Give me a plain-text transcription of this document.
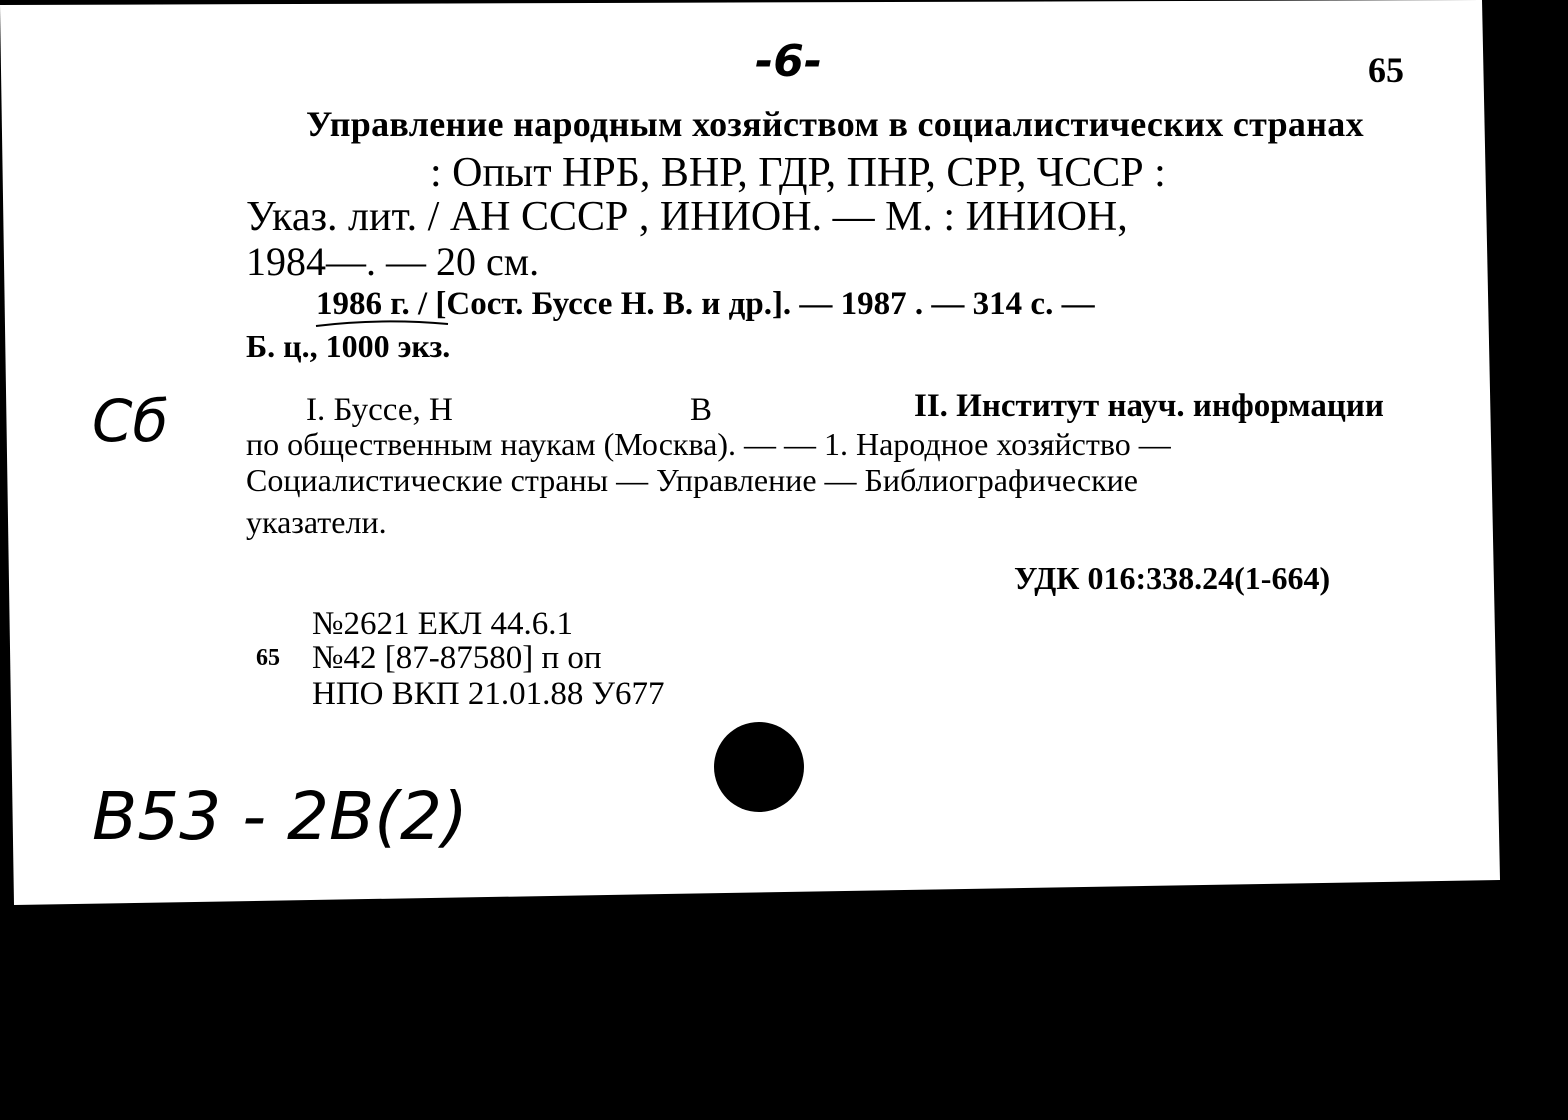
-6-	65
Управление народным хозяйством в социалистических странах
: Опыт НРБ, ВНР, ГДР, ПНР, СРР, ЧССР :
Указ. лит. / АН СССР , ИНИОН. — М. : ИНИОН,
1984—. — 20 см.
1986 г. / [Сост. Буссе Н. В. и др.]. — 1987 . — 314 с. —
Б. ц., 1000 экз.
Сб	I. Буссе, Н	В	II. Институт науч. информации
по общественным наукам (Москва). — — 1. Народное хозяйство —
Социалистические страны — Управление — Библиографические
указатели.
УДК 016:338.24(1-664)
№2621 ЕКЛ 44.6.1
65 №42 [87-87580] п оп
НПО ВКП 21.01.88 У677
В53 - 2В(2)
